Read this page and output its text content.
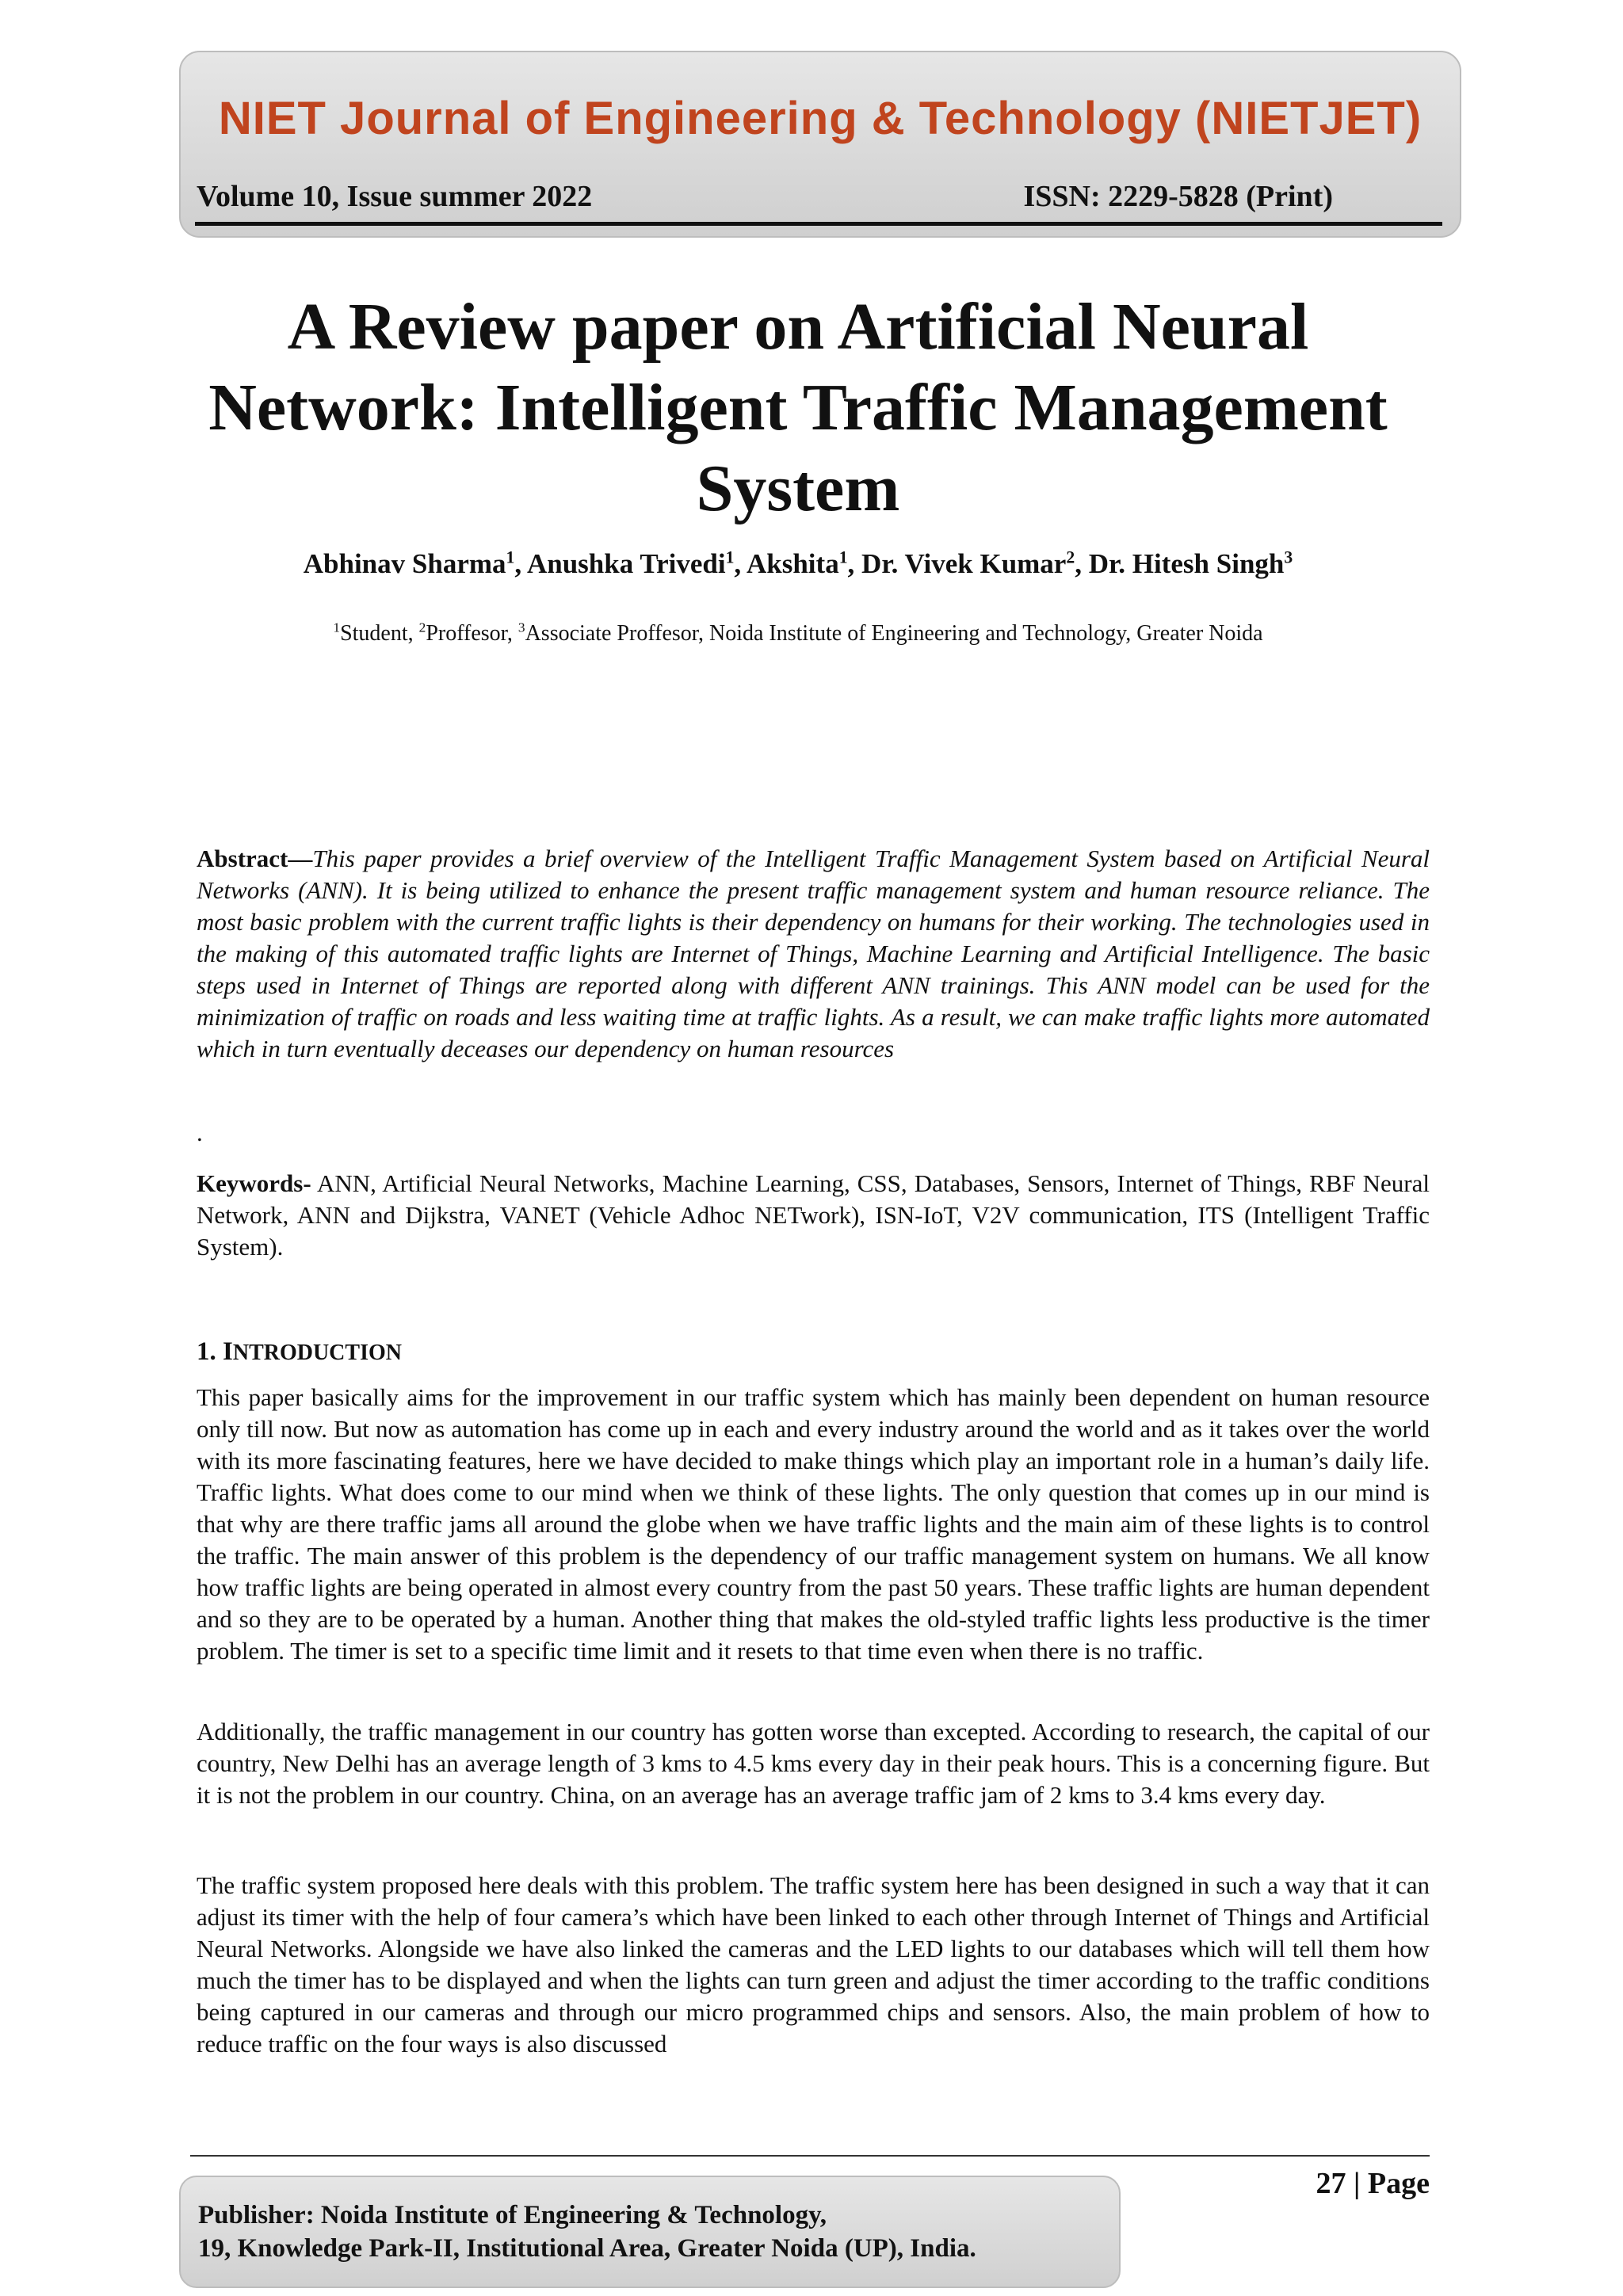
NIET Journal of Engineering & Technology (NIETJET)
Volume 10, Issue summer 2022	ISSN: 2229-5828 (Print)
A Review paper on Artificial Neural
Network: Intelligent Traffic Management
System
Abhinav Sharma$^1$, Anushka Trivedi$^1$, Akshita$^1$, Dr. Vivek Kumar$^2$, Dr. Hitesh Singh$^3$
$^1$Student, $^2$Proffesor, $^3$Associate Proffesor, Noida Institute of Engineering and Technology, Greater Noida
Abstract—This paper provides a brief overview of the Intelligent Traffic Management System based on Artificial Neural Networks (ANN). It is being utilized to enhance the present traffic management system and human resource reliance. The most basic problem with the current traffic lights is their dependency on humans for their working. The technologies used in the making of this automated traffic lights are Internet of Things, Machine Learning and Artificial Intelligence. The basic steps used in Internet of Things are reported along with different ANN trainings. This ANN model can be used for the minimization of traffic on roads and less waiting time at traffic lights. As a result, we can make traffic lights more automated which in turn eventually deceases our dependency on human resources
.
Keywords- ANN, Artificial Neural Networks, Machine Learning, CSS, Databases, Sensors, Internet of Things, RBF Neural Network, ANN and Dijkstra, VANET (Vehicle Adhoc NETwork), ISN-IoT, V2V communication, ITS (Intelligent Traffic System).
1. INTRODUCTION
This paper basically aims for the improvement in our traffic system which has mainly been dependent on human resource only till now. But now as automation has come up in each and every industry around the world and as it takes over the world with its more fascinating features, here we have decided to make things which play an important role in a human’s daily life. Traffic lights. What does come to our mind when we think of these lights. The only question that comes up in our mind is that why are there traffic jams all around the globe when we have traffic lights and the main aim of these lights is to control the traffic. The main answer of this problem is the dependency of our traffic management system on humans. We all know how traffic lights are being operated in almost every country from the past 50 years. These traffic lights are human dependent and so they are to be operated by a human. Another thing that makes the old-styled traffic lights less productive is the timer problem. The timer is set to a specific time limit and it resets to that time even when there is no traffic.
Additionally, the traffic management in our country has gotten worse than excepted. According to research, the capital of our country, New Delhi has an average length of 3 kms to 4.5 kms every day in their peak hours. This is a concerning figure. But it is not the problem in our country. China, on an average has an average traffic jam of 2 kms to 3.4 kms every day.
The traffic system proposed here deals with this problem. The traffic system here has been designed in such a way that it can adjust its timer with the help of four camera’s which have been linked to each other through Internet of Things and Artificial Neural Networks. Alongside we have also linked the cameras and the LED lights to our databases which will tell them how much the timer has to be displayed and when the lights can turn green and adjust the timer according to the traffic conditions being captured in our cameras and through our micro programmed chips and sensors. Also, the main problem of how to reduce traffic on the four ways is also discussed
27 | Page
Publisher: Noida Institute of Engineering & Technology,
19, Knowledge Park-II, Institutional Area, Greater Noida (UP), India.
